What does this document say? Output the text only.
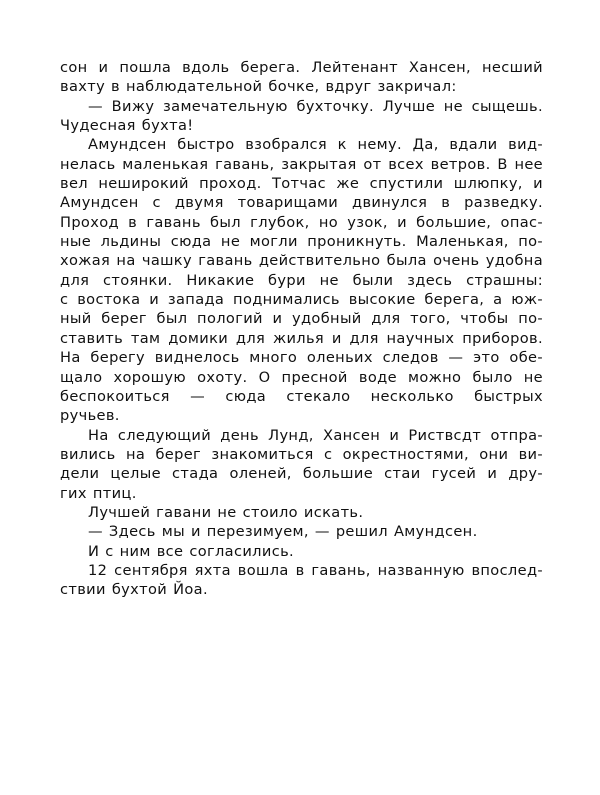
сон и пошла вдоль берега. Лейтенант Хансен, несший
вахту в наблюдательной бочке, вдруг закричал:
— Вижу замечательную бухточку. Лучше не сыщешь.
Чудесная бухта!
Амундсен быстро взобрался к нему. Да, вдали вид-
нелась маленькая гавань, закрытая от всех ветров. В нее
вел неширокий проход. Тотчас же спустили шлюпку, и
Амундсен с двумя товарищами двинулся в разведку.
Проход в гавань был глубок, но узок, и большие, опас-
ные льдины сюда не могли проникнуть. Маленькая, по-
хожая на чашку гавань действительно была очень удобна
для стоянки. Никакие бури не были здесь страшны:
с востока и запада поднимались высокие берега, а юж-
ный берег был пологий и удобный для того, чтобы по-
ставить там домики для жилья и для научных приборов.
На берегу виднелось много оленьих следов — это обе-
щало хорошую охоту. О пресной воде можно было не
беспокоиться — сюда стекало несколько быстрых
ручьев.
На следующий день Лунд, Хансен и Риствсдт отпра-
вились на берег знакомиться с окрестностями, они ви-
дели целые стада оленей, большие стаи гусей и дру-
гих птиц.
Лучшей гавани не стоило искать.
— Здесь мы и перезимуем, — решил Амундсен.
И с ним все согласились.
12 сентября яхта вошла в гавань, названную впослед-
ствии бухтой Йоа.
